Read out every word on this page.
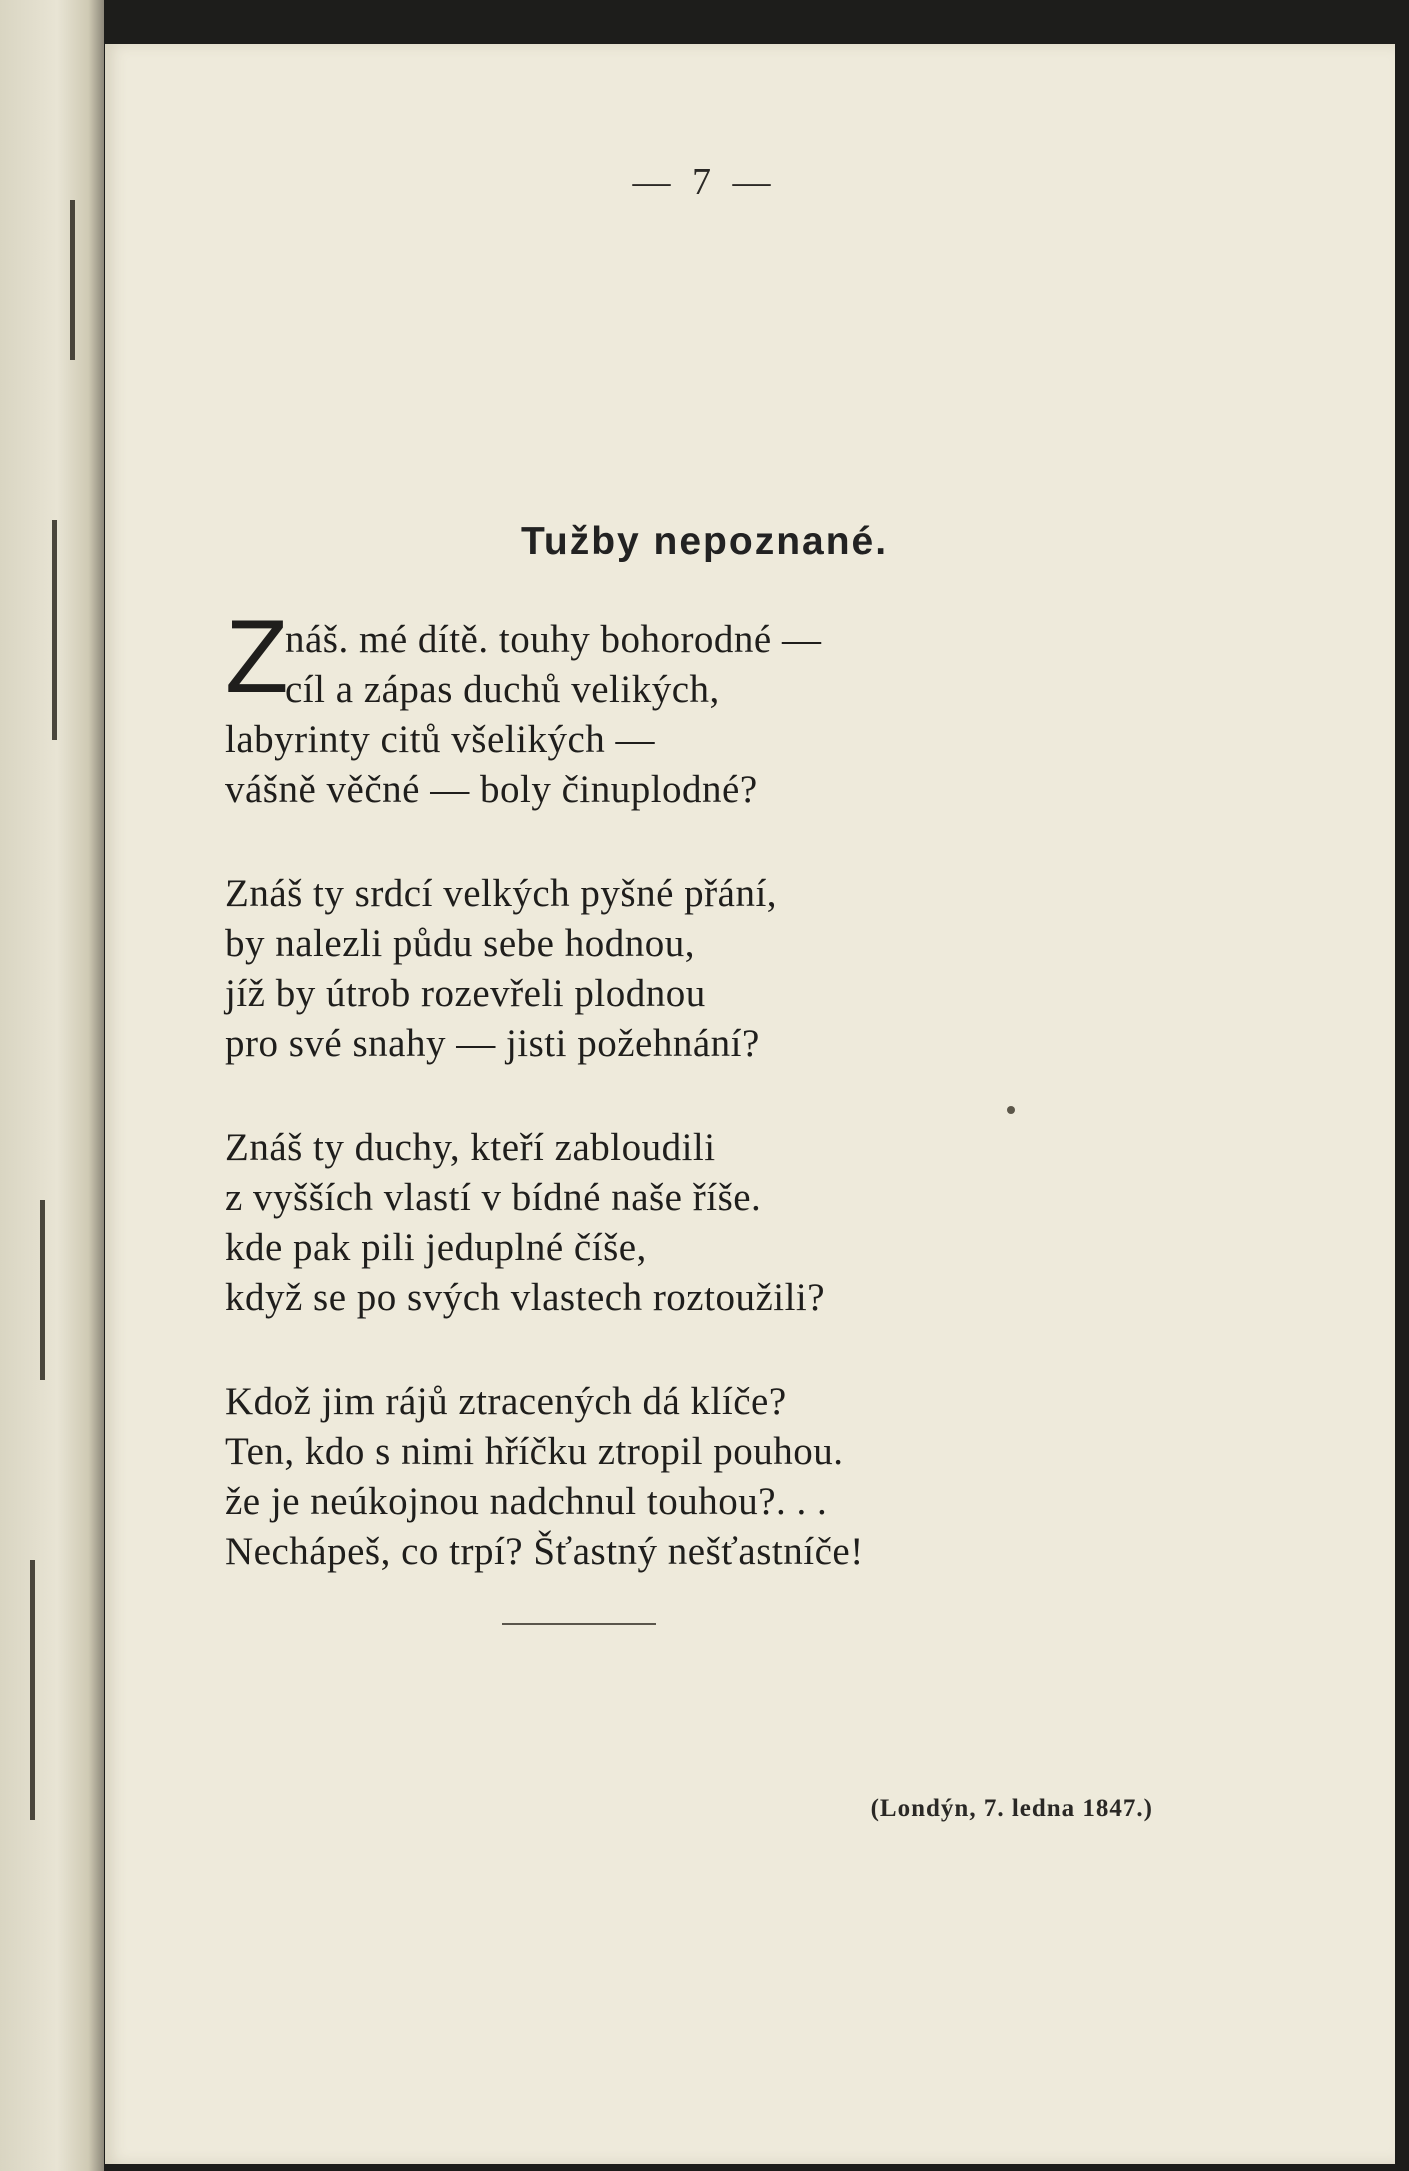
— 7 —
Tužby nepoznané.
Z
náš. mé dítě. touhy bohorodné —
cíl a zápas duchů velikých,
labyrinty citů všelikých —
vášně věčné — boly činuplodné?
Znáš ty srdcí velkých pyšné přání,
by nalezli půdu sebe hodnou,
jíž by útrob rozevřeli plodnou
pro své snahy — jisti požehnání?
Znáš ty duchy, kteří zabloudili
z vyšších vlastí v bídné naše říše.
kde pak pili jeduplné číše,
když se po svých vlastech roztoužili?
Kdož jim rájů ztracených dá klíče?
Ten, kdo s nimi hříčku ztropil pouhou.
že je neúkojnou nadchnul touhou?. . .
Nechápeš, co trpí? Šťastný nešťastníče!
(Londýn, 7. ledna 1847.)
